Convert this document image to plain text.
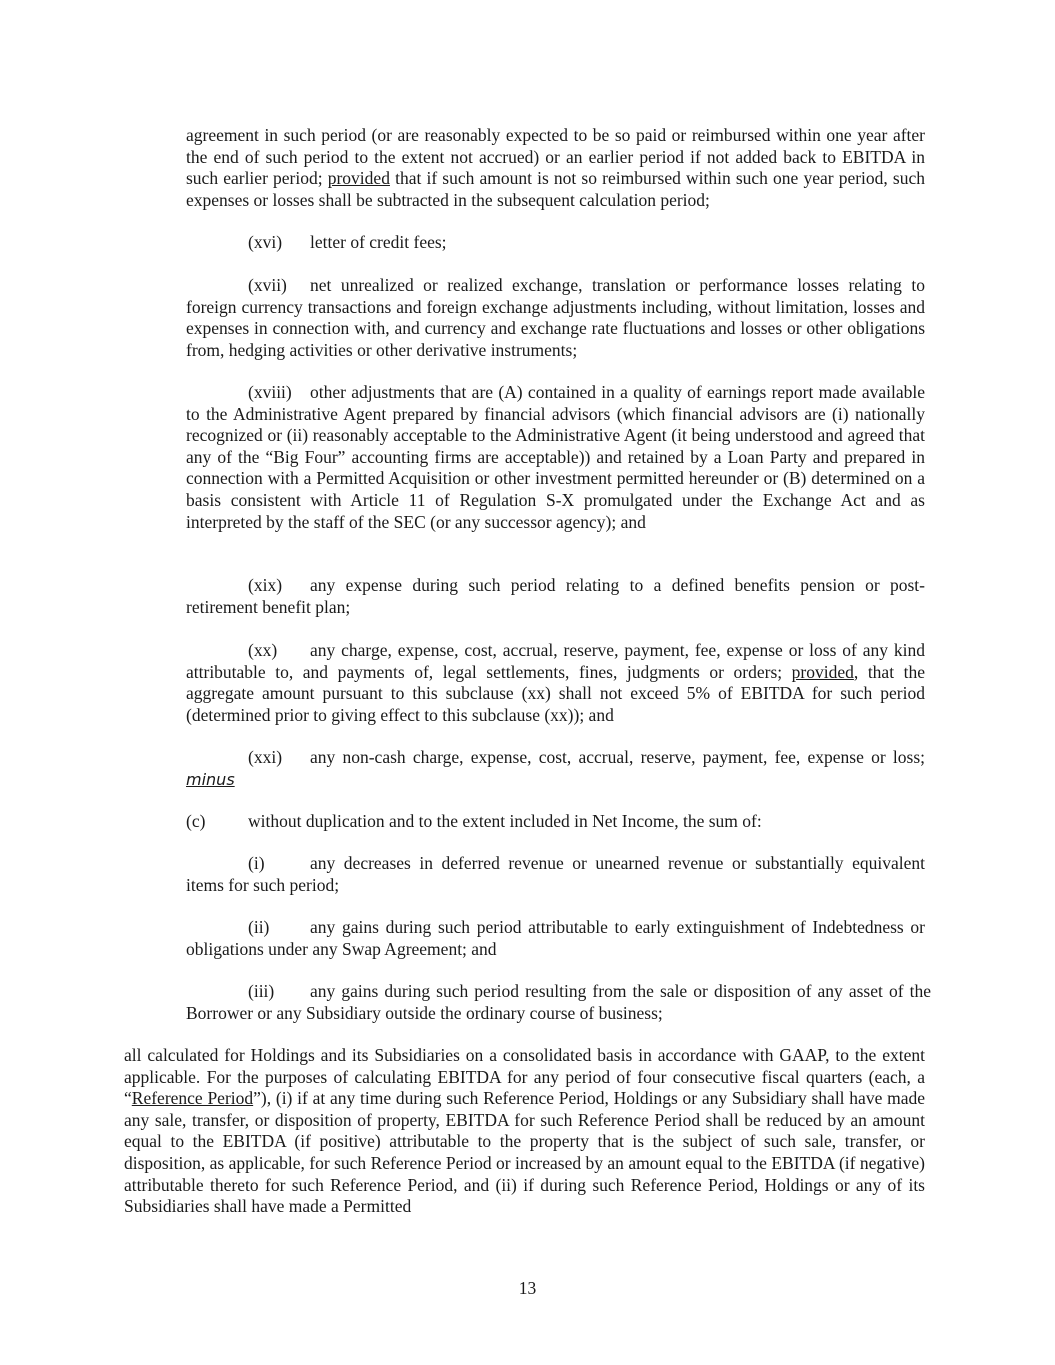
agreement in such period (or are reasonably expected to be so paid or reimbursed within one year after the end of such period to the extent not accrued) or an earlier period if not added back to EBITDA in such earlier period; provided that if such amount is not so reimbursed within such one year period, such expenses or losses shall be subtracted in the subsequent calculation period;

(xvi) letter of credit fees;

(xvii) net unrealized or realized exchange, translation or performance losses relating to foreign currency transactions and foreign exchange adjustments including, without limitation, losses and expenses in connection with, and currency and exchange rate fluctuations and losses or other obligations from, hedging activities or other derivative instruments;

(xviii) other adjustments that are (A) contained in a quality of earnings report made available to the Administrative Agent prepared by financial advisors (which financial advisors are (i) nationally recognized or (ii) reasonably acceptable to the Administrative Agent (it being understood and agreed that any of the “Big Four” accounting firms are acceptable)) and retained by a Loan Party and prepared in connection with a Permitted Acquisition or other investment permitted hereunder or (B) determined on a basis consistent with Article 11 of Regulation S-X promulgated under the Exchange Act and as interpreted by the staff of the SEC (or any successor agency); and

(xix) any expense during such period relating to a defined benefits pension or post-retirement benefit plan;

(xx) any charge, expense, cost, accrual, reserve, payment, fee, expense or loss of any kind attributable to, and payments of, legal settlements, fines, judgments or orders; provided, that the aggregate amount pursuant to this subclause (xx) shall not exceed 5% of EBITDA for such period (determined prior to giving effect to this subclause (xx)); and

(xxi) any non-cash charge, expense, cost, accrual, reserve, payment, fee, expense or loss; minus

(c) without duplication and to the extent included in Net Income, the sum of:

(i)	any decreases in deferred revenue or unearned revenue or substantially equivalent items for such period;

(ii) any gains during such period attributable to early extinguishment of Indebtedness or obligations under any Swap Agreement; and

(iii) any gains during such period resulting from the sale or disposition of any asset of the Borrower or any Subsidiary outside the ordinary course of business;

all calculated for Holdings and its Subsidiaries on a consolidated basis in accordance with GAAP, to the extent applicable. For the purposes of calculating EBITDA for any period of four consecutive fiscal quarters (each, a “Reference Period”), (i) if at any time during such Reference Period, Holdings or any Subsidiary shall have made any sale, transfer, or disposition of property, EBITDA for such Reference Period shall be reduced by an amount equal to the EBITDA (if positive) attributable to the property that is the subject of such sale, transfer, or disposition, as applicable, for such Reference Period or increased by an amount equal to the EBITDA (if negative) attributable thereto for such Reference Period, and (ii) if during such Reference Period, Holdings or any of its Subsidiaries shall have made a Permitted

13
